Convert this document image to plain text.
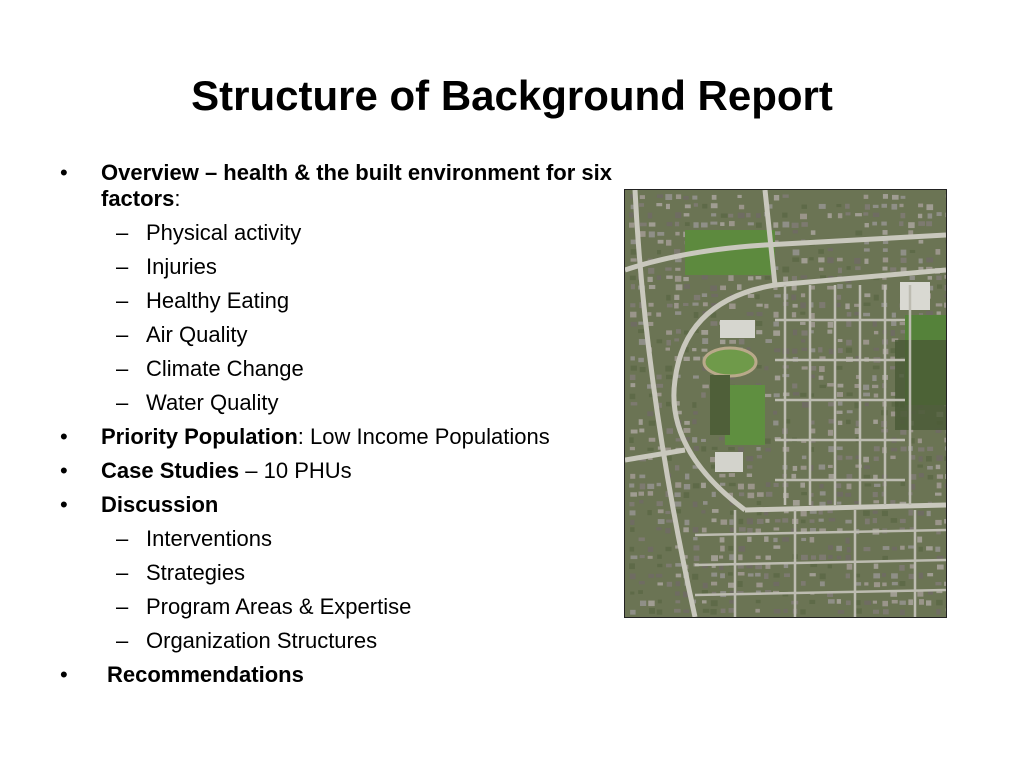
Structure of Background Report
• Overview – health & the built environment for six factors:
– Physical activity
– Injuries
– Healthy Eating
– Air Quality
– Climate Change
– Water Quality
• Priority Population: Low Income Populations
• Case Studies – 10 PHUs
• Discussion
– Interventions
– Strategies
– Program Areas & Expertise
– Organization Structures
• Recommendations
